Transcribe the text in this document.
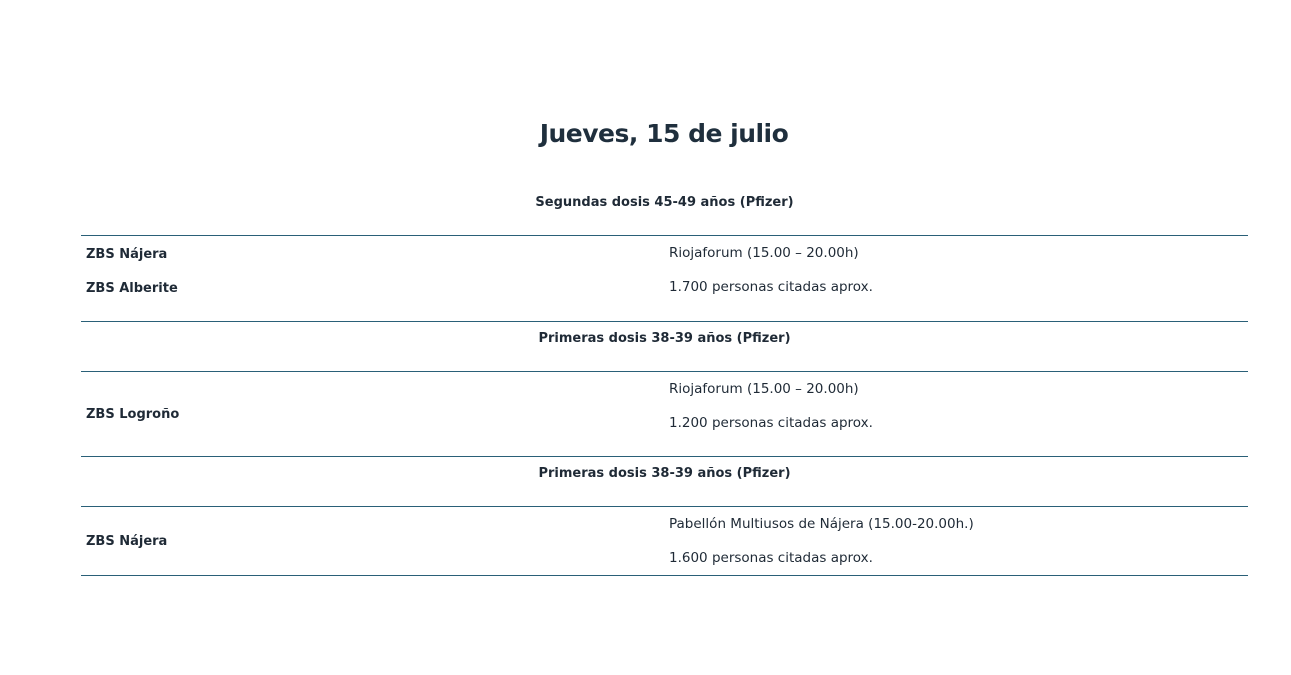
Jueves, 15 de julio
Segundas dosis 45-49 años (Pfizer)
ZBS Nájera
ZBS Alberite
Riojaforum (15.00 – 20.00h)
1.700 personas citadas aprox.
Primeras dosis 38-39 años (Pfizer)
ZBS Logroño
Riojaforum (15.00 – 20.00h)
1.200 personas citadas aprox.
Primeras dosis 38-39 años (Pfizer)
ZBS Nájera
Pabellón Multiusos de Nájera (15.00-20.00h.)
1.600 personas citadas aprox.
